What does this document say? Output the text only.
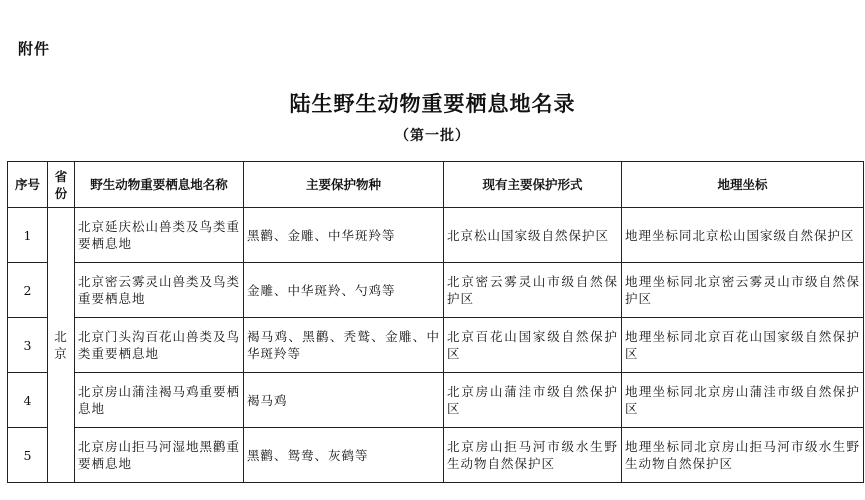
附件
陆生野生动物重要栖息地名录
（第一批）
序号	省份	野生动物重要栖息地名称	主要保护物种	现有主要保护形式	地理坐标
1	北京	北京延庆松山兽类及鸟类重要栖息地	黑鹳、金雕、中华斑羚等	北京松山国家级自然保护区	地理坐标同北京松山国家级自然保护区
2		北京密云雾灵山兽类及鸟类重要栖息地	金雕、中华斑羚、勺鸡等	北京密云雾灵山市级自然保护区	地理坐标同北京密云雾灵山市级自然保护区
3		北京门头沟百花山兽类及鸟类重要栖息地	褐马鸡、黑鹳、秃鹫、金雕、中华斑羚等	北京百花山国家级自然保护区	地理坐标同北京百花山国家级自然保护区
4		北京房山蒲洼褐马鸡重要栖息地	褐马鸡	北京房山蒲洼市级自然保护区	地理坐标同北京房山蒲洼市级自然保护区
5		北京房山拒马河湿地黑鹳重要栖息地	黑鹳、鸳鸯、灰鹤等	北京房山拒马河市级水生野生动物自然保护区	地理坐标同北京房山拒马河市级水生野生动物自然保护区
